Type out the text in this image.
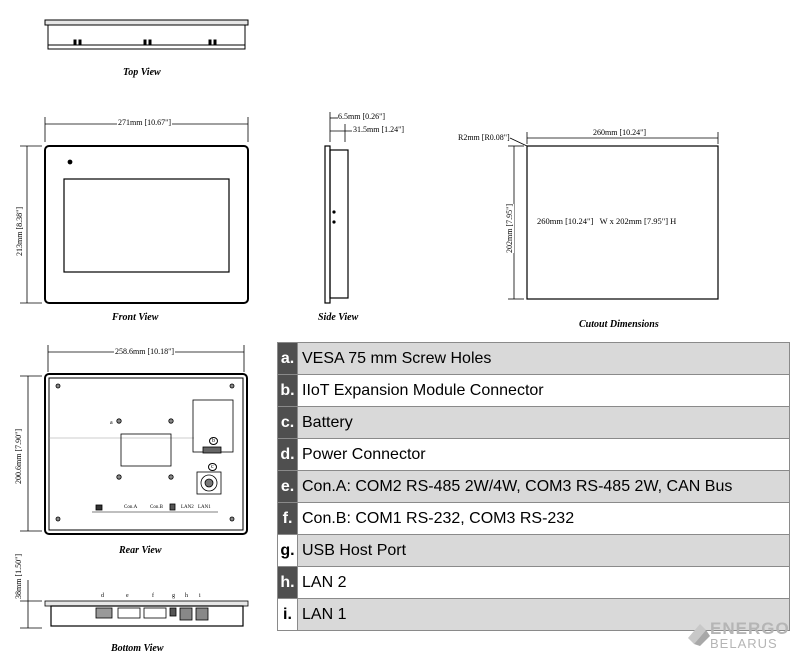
Top View
Front View	Side View
Cutout Dimensions
Rear View
Bottom View
271mm [10.67"]
213mm [8.38"]
6.5mm [0.26"]
31.5mm [1.24"]
R2mm [R0.08"]
260mm [10.24"]
202mm [7.95"]	260mm [10.24"]   W x 202mm [7.95"] H
258.6mm [10.18"]
200.6mm [7.90"]
a
b
c
Con.A	Con.B	LAN2 LAN1
38mm [1.50"]	d	e	f	g h i
a.	VESA 75 mm Screw Holes
b.	IIoT Expansion Module Connector
c.	Battery
d.	Power Connector
e.	Con.A: COM2 RS-485 2W/4W, COM3 RS-485 2W, CAN Bus
f.	Con.B: COM1 RS-232, COM3 RS-232
g.	USB Host Port
h.	LAN 2
i.	LAN 1
ENERGO
BELARUS
